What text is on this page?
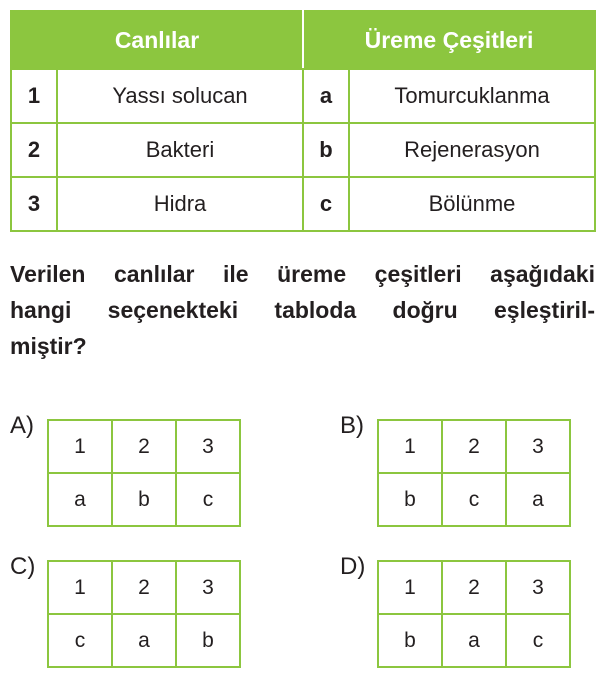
Canlılar		Üreme Çeşitleri	
1	Yassı solucan	a	Tomurcuklanma
2	Bakteri	b	Rejenerasyon
3	Hidra	c	Bölünme
Verilen canlılar ile üreme çeşitleri aşağıdaki
hangi seçenekteki tabloda doğru eşleştiril-
miştir?
A)
1	2	3
a	b	c
B)
1	2	3
b	c	a
C)
1	2	3
c	a	b
D)
1	2	3
b	a	c
